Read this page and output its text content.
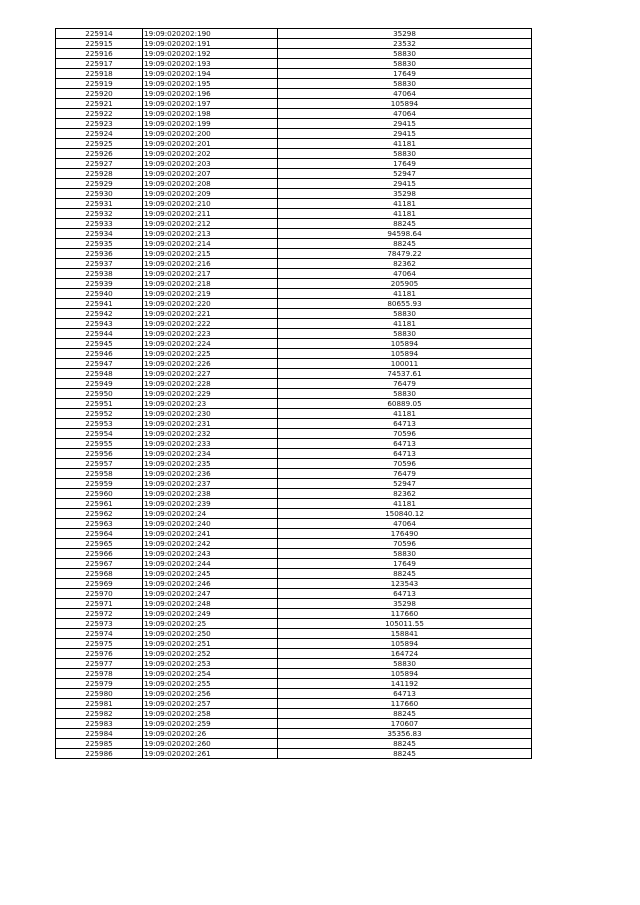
225914	19:09:020202:190	35298
225915	19:09:020202:191	23532
225916	19:09:020202:192	58830
225917	19:09:020202:193	58830
225918	19:09:020202:194	17649
225919	19:09:020202:195	58830
225920	19:09:020202:196	47064
225921	19:09:020202:197	105894
225922	19:09:020202:198	47064
225923	19:09:020202:199	29415
225924	19:09:020202:200	29415
225925	19:09:020202:201	41181
225926	19:09:020202:202	58830
225927	19:09:020202:203	17649
225928	19:09:020202:207	52947
225929	19:09:020202:208	29415
225930	19:09:020202:209	35298
225931	19:09:020202:210	41181
225932	19:09:020202:211	41181
225933	19:09:020202:212	88245
225934	19:09:020202:213	94598.64
225935	19:09:020202:214	88245
225936	19:09:020202:215	78479.22
225937	19:09:020202:216	82362
225938	19:09:020202:217	47064
225939	19:09:020202:218	205905
225940	19:09:020202:219	41181
225941	19:09:020202:220	80655.93
225942	19:09:020202:221	58830
225943	19:09:020202:222	41181
225944	19:09:020202:223	58830
225945	19:09:020202:224	105894
225946	19:09:020202:225	105894
225947	19:09:020202:226	100011
225948	19:09:020202:227	74537.61
225949	19:09:020202:228	76479
225950	19:09:020202:229	58830
225951	19:09:020202:23	60889.05
225952	19:09:020202:230	41181
225953	19:09:020202:231	64713
225954	19:09:020202:232	70596
225955	19:09:020202:233	64713
225956	19:09:020202:234	64713
225957	19:09:020202:235	70596
225958	19:09:020202:236	76479
225959	19:09:020202:237	52947
225960	19:09:020202:238	82362
225961	19:09:020202:239	41181
225962	19:09:020202:24	150840.12
225963	19:09:020202:240	47064
225964	19:09:020202:241	176490
225965	19:09:020202:242	70596
225966	19:09:020202:243	58830
225967	19:09:020202:244	17649
225968	19:09:020202:245	88245
225969	19:09:020202:246	123543
225970	19:09:020202:247	64713
225971	19:09:020202:248	35298
225972	19:09:020202:249	117660
225973	19:09:020202:25	105011.55
225974	19:09:020202:250	158841
225975	19:09:020202:251	105894
225976	19:09:020202:252	164724
225977	19:09:020202:253	58830
225978	19:09:020202:254	105894
225979	19:09:020202:255	141192
225980	19:09:020202:256	64713
225981	19:09:020202:257	117660
225982	19:09:020202:258	88245
225983	19:09:020202:259	170607
225984	19:09:020202:26	35356.83
225985	19:09:020202:260	88245
225986	19:09:020202:261	88245
